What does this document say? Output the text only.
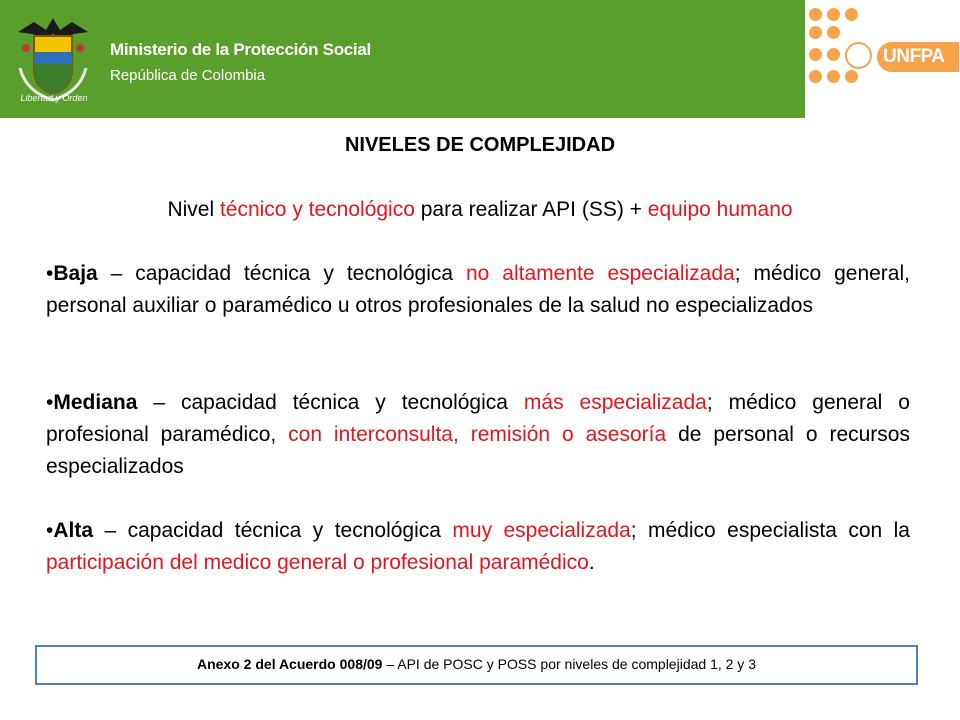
Libertad y Orden
Ministerio de la Protección Social
República de Colombia
UNFPA
NIVELES DE COMPLEJIDAD
Nivel técnico y tecnológico para realizar API (SS) + equipo humano

•Baja – capacidad técnica y tecnológica no altamente especializada; médico general, personal auxiliar o paramédico u otros profesionales de la salud no especializados

•Mediana – capacidad técnica y tecnológica más especializada; médico general o profesional paramédico, con interconsulta, remisión o asesoría de personal o recursos especializados

•Alta – capacidad técnica y tecnológica muy especializada; médico especialista con la participación del medico general o profesional paramédico.

Anexo 2 del Acuerdo 008/09 – API de POSC y POSS por niveles de complejidad 1, 2 y 3
